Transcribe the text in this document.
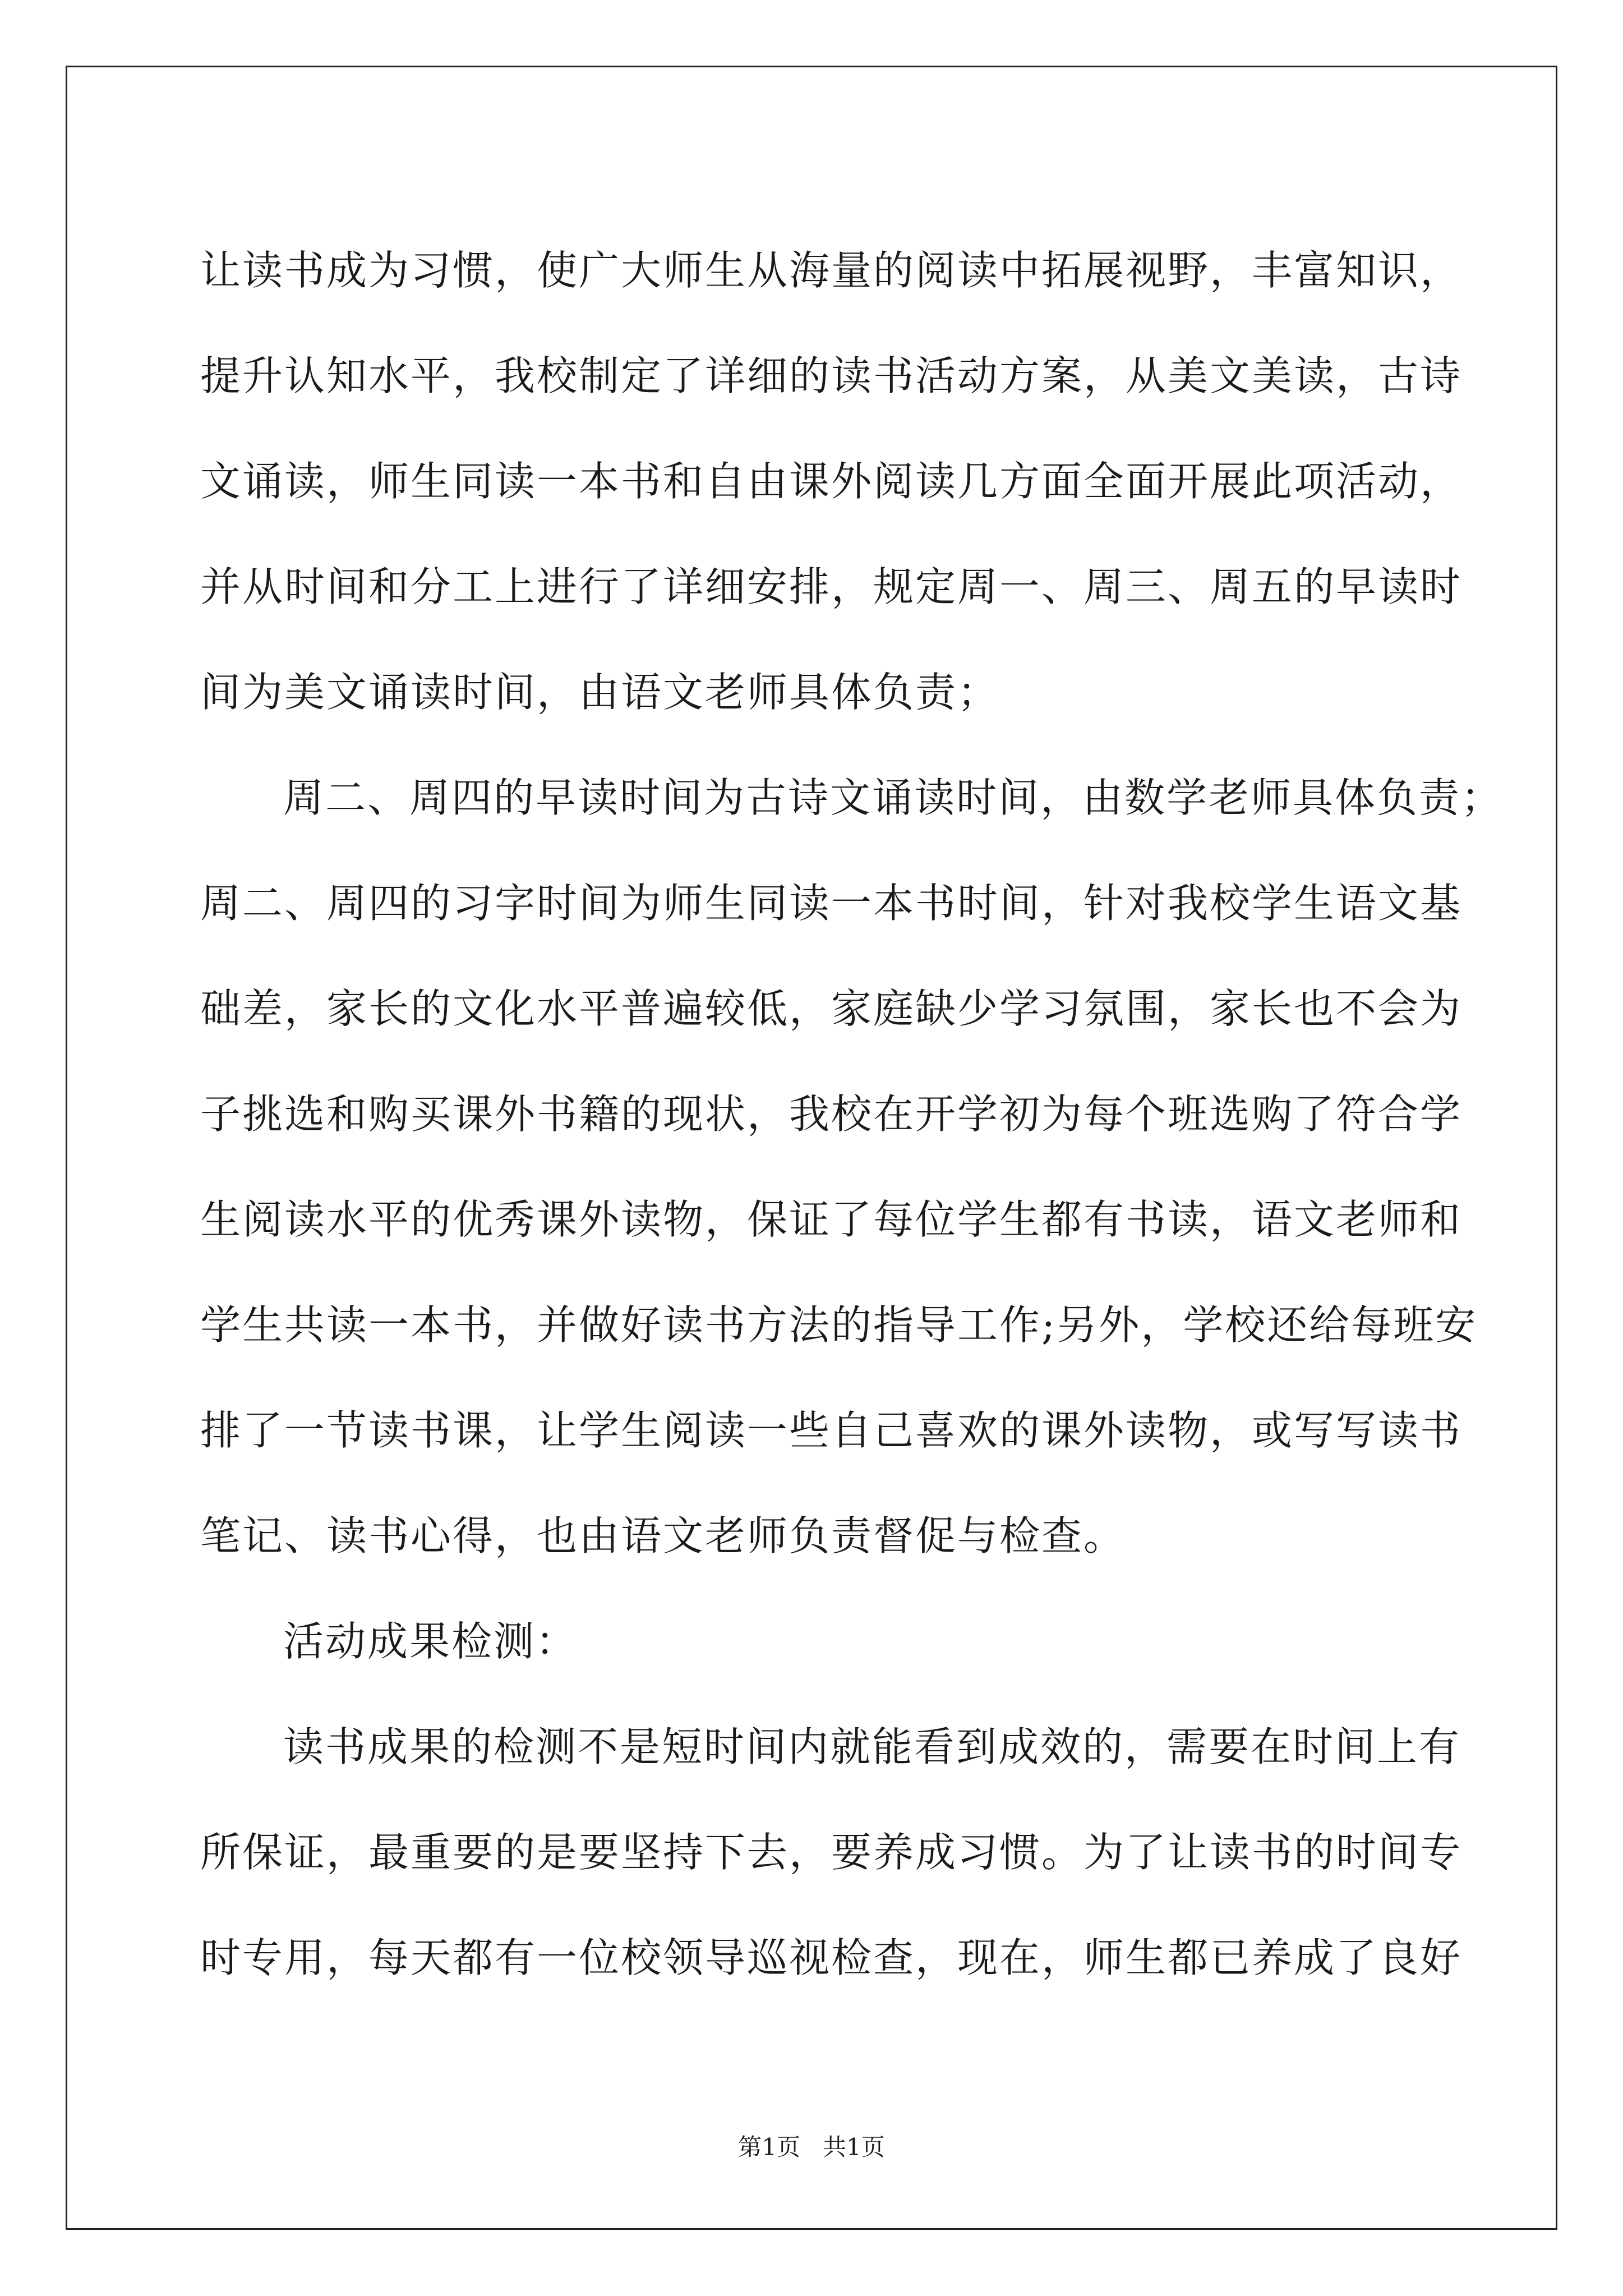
让读书成为习惯，使广大师生从海量的阅读中拓展视野，丰富知识，
提升认知水平，我校制定了详细的读书活动方案，从美文美读，古诗
文诵读，师生同读一本书和自由课外阅读几方面全面开展此项活动，
并从时间和分工上进行了详细安排，规定周一、周三、周五的早读时
间为美文诵读时间，由语文老师具体负责；
周二、周四的早读时间为古诗文诵读时间，由数学老师具体负责；
周二、周四的习字时间为师生同读一本书时间，针对我校学生语文基
础差，家长的文化水平普遍较低，家庭缺少学习氛围，家长也不会为
子挑选和购买课外书籍的现状，我校在开学初为每个班选购了符合学
生阅读水平的优秀课外读物，保证了每位学生都有书读，语文老师和
学生共读一本书，并做好读书方法的指导工作;另外，学校还给每班安
排了一节读书课，让学生阅读一些自己喜欢的课外读物，或写写读书
笔记、读书心得，也由语文老师负责督促与检查。
活动成果检测：
读书成果的检测不是短时间内就能看到成效的，需要在时间上有
所保证，最重要的是要坚持下去，要养成习惯。为了让读书的时间专
时专用，每天都有一位校领导巡视检查，现在，师生都已养成了良好
第1页 共1页
